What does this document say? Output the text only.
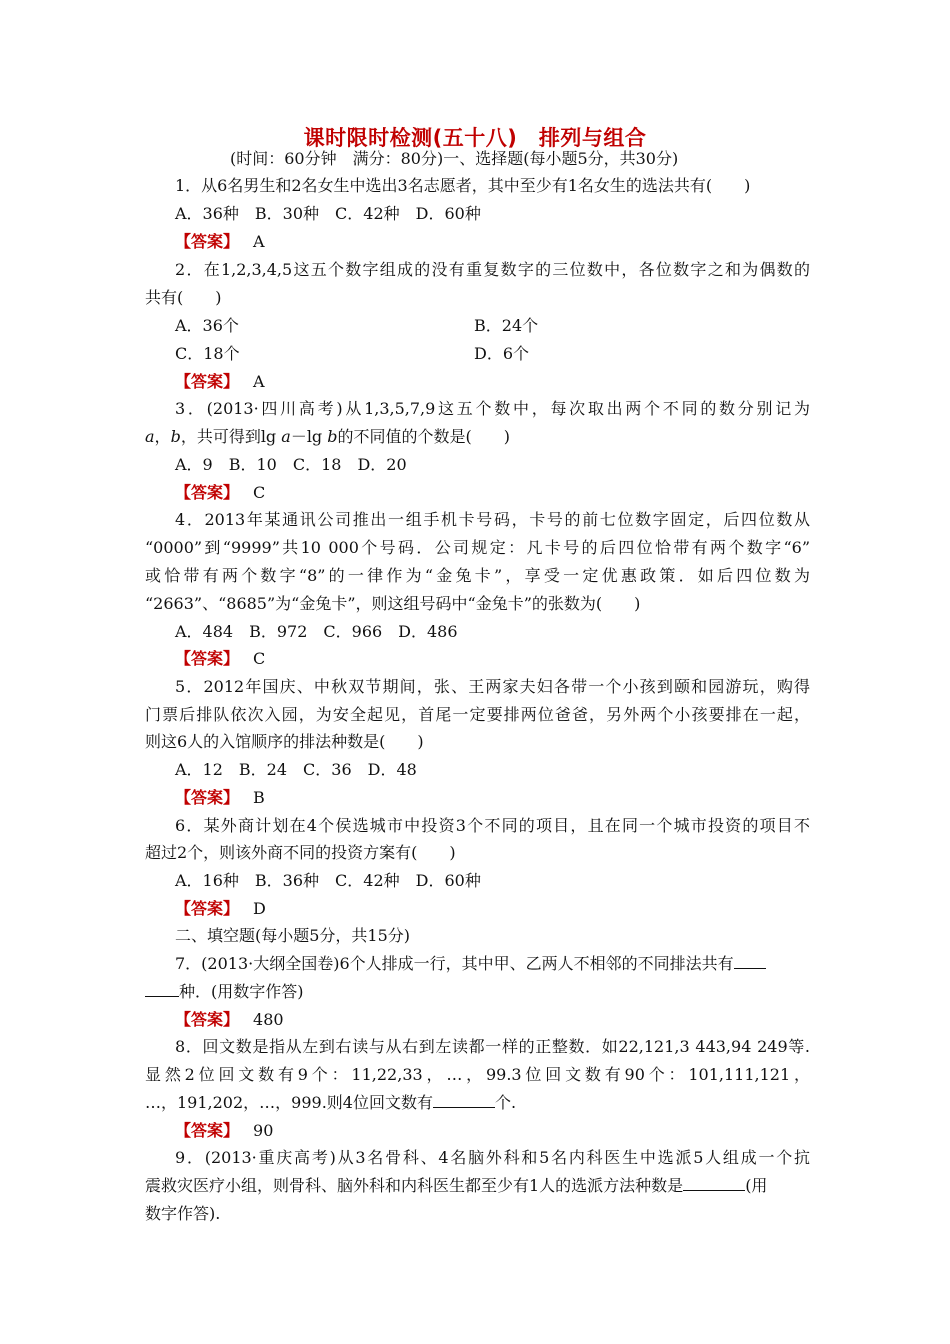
课时限时检测(五十八)　排列与组合
(时间：60分钟　满分：80分)一、选择题(每小题5分，共30分)
1．从6名男生和2名女生中选出3名志愿者，其中至少有1名女生的选法共有(　　)
A．36种　B．30种　C．42种　D．60种
【答案】 A
2．在1,2,3,4,5这五个数字组成的没有重复数字的三位数中，各位数字之和为偶数的
共有(　　)
A．36个	B．24个
C．18个	D．6个
【答案】 A
3．(2013·四川高考)从1,3,5,7,9这五个数中，每次取出两个不同的数分别记为
a，b，共可得到lg a－lg b的不同值的个数是(　　)
A．9　B．10　C．18　D．20
【答案】 C
4．2013年某通讯公司推出一组手机卡号码，卡号的前七位数字固定，后四位数从
“0000”到“9999”共10 000个号码．公司规定：凡卡号的后四位恰带有两个数字“6”
或恰带有两个数字“8”的一律作为“金兔卡”，享受一定优惠政策．如后四位数为
“2663”、“8685”为“金兔卡”，则这组号码中“金兔卡”的张数为(　　)
A．484　B．972　C．966　D．486
【答案】 C
5．2012年国庆、中秋双节期间，张、王两家夫妇各带一个小孩到颐和园游玩，购得
门票后排队依次入园，为安全起见，首尾一定要排两位爸爸，另外两个小孩要排在一起，
则这6人的入馆顺序的排法种数是(　　)
A．12　B．24　C．36　D．48
【答案】 B
6．某外商计划在4个侯选城市中投资3个不同的项目，且在同一个城市投资的项目不
超过2个，则该外商不同的投资方案有(　　)
A．16种　B．36种　C．42种　D．60种
【答案】 D
二、填空题(每小题5分，共15分)
7．(2013·大纲全国卷)6个人排成一行，其中甲、乙两人不相邻的不同排法共有
种．(用数字作答)
【答案】 480
8．回文数是指从左到右读与从右到左读都一样的正整数．如22,121,3 443,94 249等.
显然2位回文数有9个：11,22,33，…，99.3位回文数有90个：101,111,121，
…，191,202，…，999.则4位回文数有	个.
【答案】 90
9．(2013·重庆高考)从3名骨科、4名脑外科和5名内科医生中选派5人组成一个抗
震救灾医疗小组，则骨科、脑外科和内科医生都至少有1人的选派方法种数是	(用
数字作答).
